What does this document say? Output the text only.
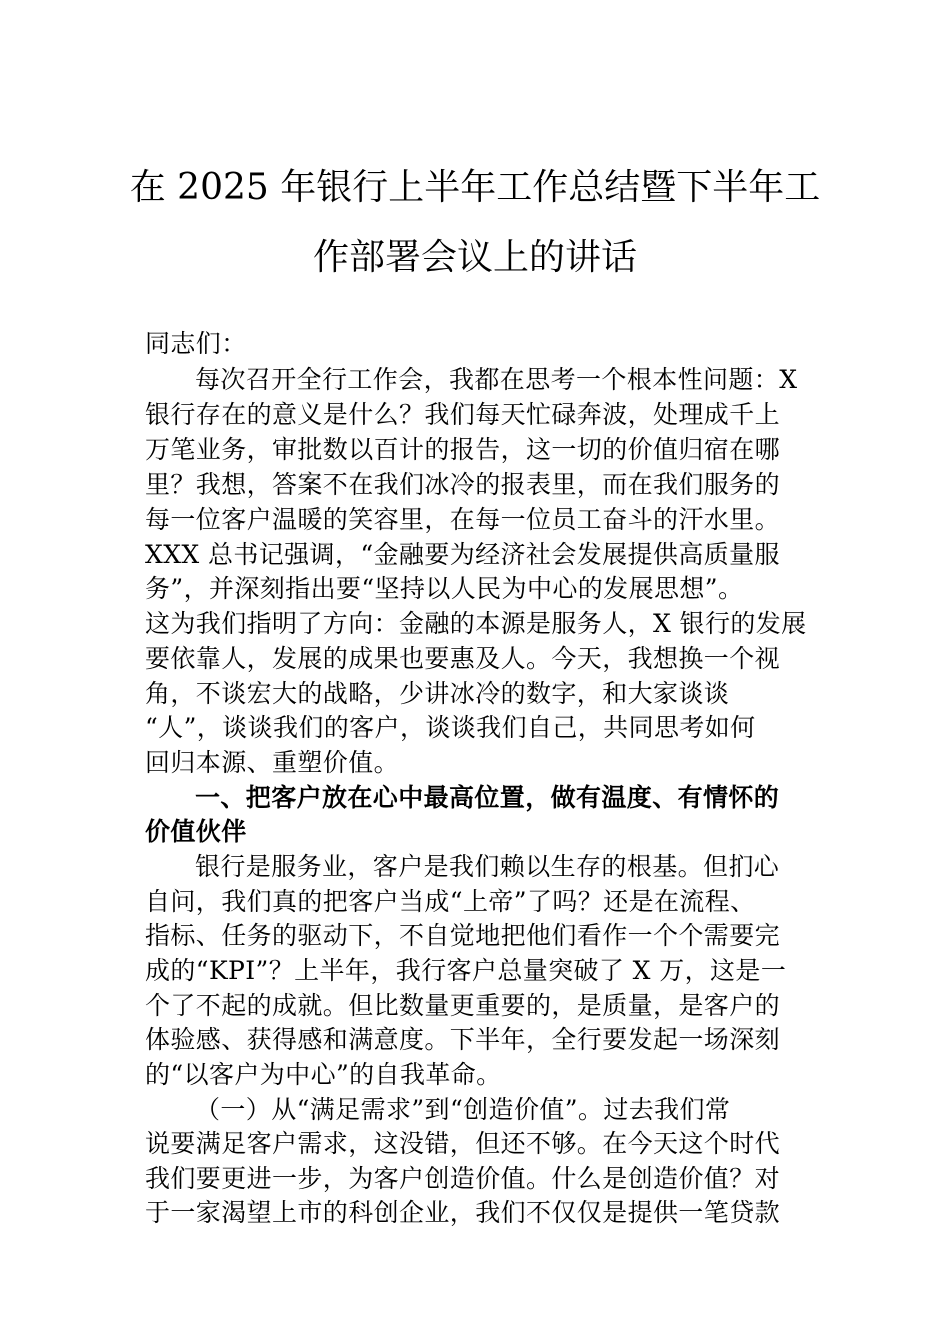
在 2025 年银行上半年工作总结暨下半年工
作部署会议上的讲话
同志们：
每次召开全行工作会，我都在思考一个根本性问题：X
银行存在的意义是什么？我们每天忙碌奔波，处理成千上
万笔业务，审批数以百计的报告，这一切的价值归宿在哪
里？我想，答案不在我们冰冷的报表里，而在我们服务的
每一位客户温暖的笑容里，在每一位员工奋斗的汗水里。
XXX 总书记强调，“金融要为经济社会发展提供高质量服
务”，并深刻指出要“坚持以人民为中心的发展思想”。
这为我们指明了方向：金融的本源是服务人，X 银行的发展
要依靠人，发展的成果也要惠及人。今天，我想换一个视
角，不谈宏大的战略，少讲冰冷的数字，和大家谈谈
“人”，谈谈我们的客户，谈谈我们自己，共同思考如何
回归本源、重塑价值。
一、把客户放在心中最高位置，做有温度、有情怀的
价值伙伴
银行是服务业，客户是我们赖以生存的根基。但扪心
自问，我们真的把客户当成“上帝”了吗？还是在流程、
指标、任务的驱动下，不自觉地把他们看作一个个需要完
成的“KPI”？上半年，我行客户总量突破了 X 万，这是一
个了不起的成就。但比数量更重要的，是质量，是客户的
体验感、获得感和满意度。下半年，全行要发起一场深刻
的“以客户为中心”的自我革命。
（一）从“满足需求”到“创造价值”。过去我们常
说要满足客户需求，这没错，但还不够。在今天这个时代
我们要更进一步，为客户创造价值。什么是创造价值？对
于一家渴望上市的科创企业，我们不仅仅是提供一笔贷款
